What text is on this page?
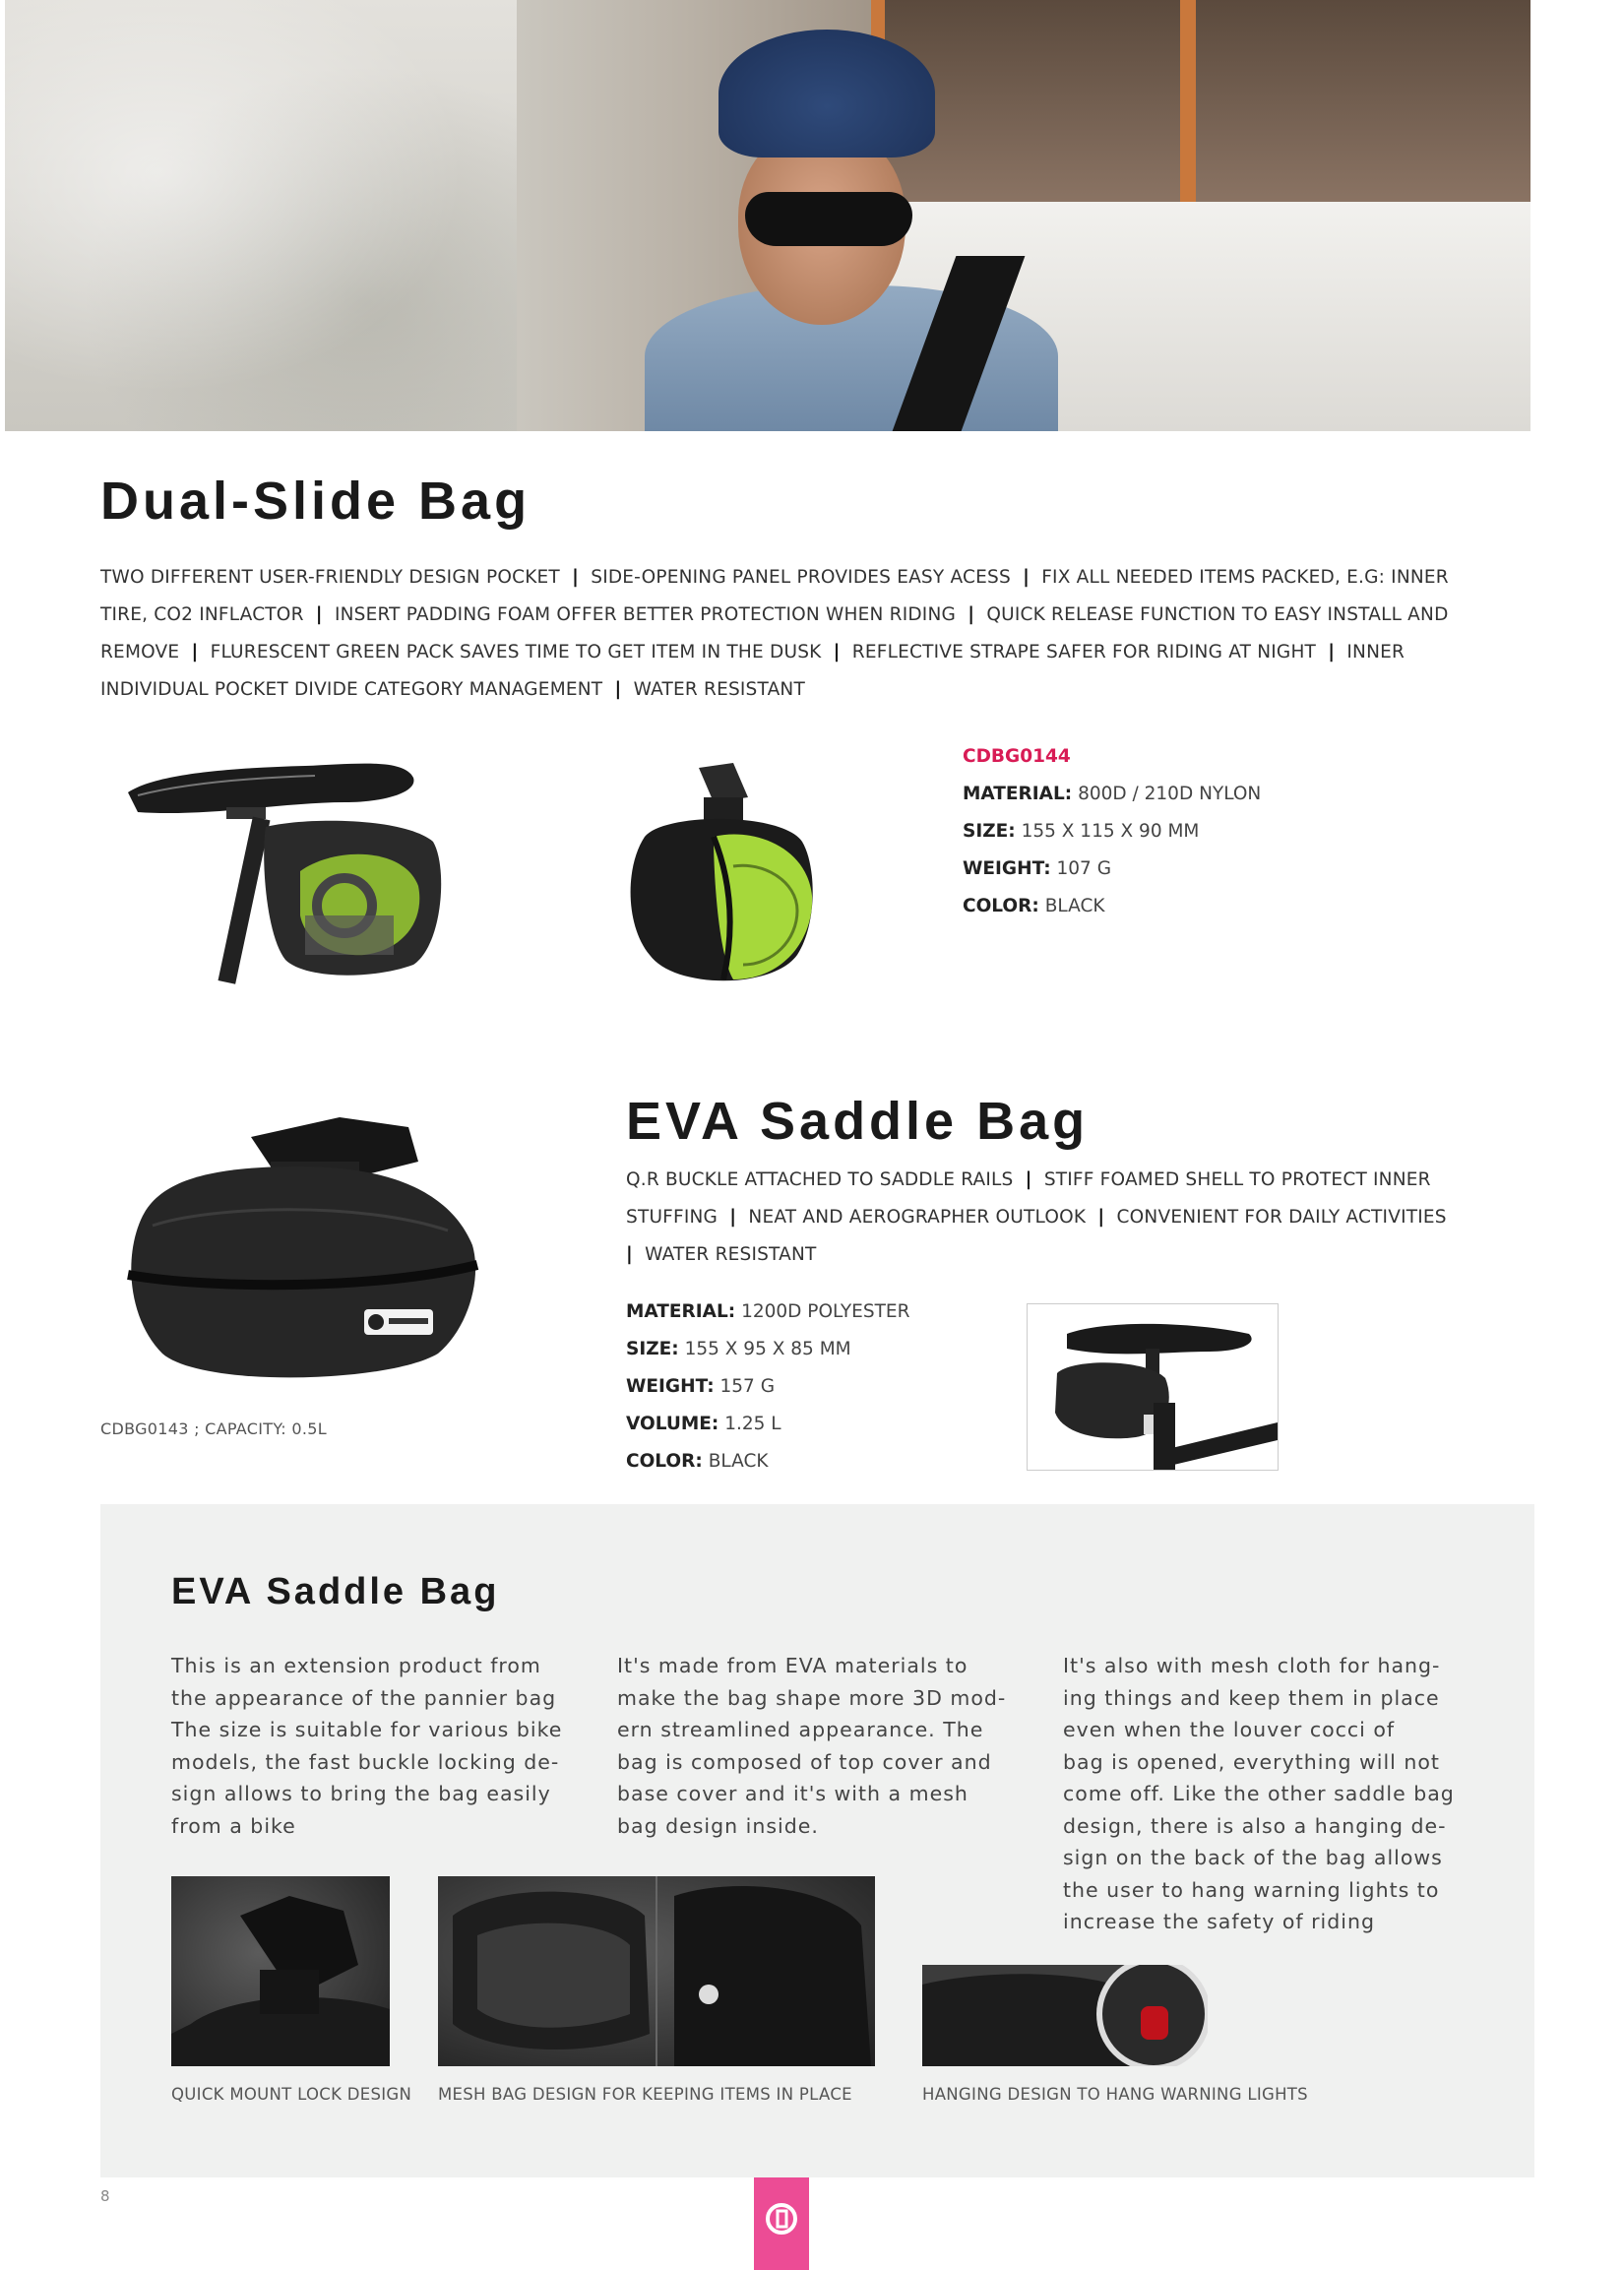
Dual-Slide Bag
TWO DIFFERENT USER-FRIENDLY DESIGN POCKET | SIDE-OPENING PANEL PROVIDES EASY ACESS | FIX ALL NEEDED ITEMS PACKED, E.G: INNER TIRE, CO2 INFLACTOR | INSERT PADDING FOAM OFFER BETTER PROTECTION WHEN RIDING | QUICK RELEASE FUNCTION TO EASY INSTALL AND REMOVE | FLURESCENT GREEN PACK SAVES TIME TO GET ITEM IN THE DUSK | REFLECTIVE STRAPE SAFER FOR RIDING AT NIGHT | INNER INDIVIDUAL POCKET DIVIDE CATEGORY MANAGEMENT | WATER RESISTANT
CDBG0144
MATERIAL: 800D / 210D NYLON
SIZE: 155 X 115 X 90 MM
WEIGHT: 107 G
COLOR: BLACK
CDBG0143 ; CAPACITY: 0.5L
EVA Saddle Bag
Q.R BUCKLE ATTACHED TO SADDLE RAILS | STIFF FOAMED SHELL TO PROTECT INNER STUFFING | NEAT AND AEROGRAPHER OUTLOOK | CONVENIENT FOR DAILY ACTIVITIES
| WATER RESISTANT
MATERIAL: 1200D POLYESTER
SIZE: 155 X 95 X 85 MM
WEIGHT: 157 G
VOLUME: 1.25 L
COLOR: BLACK
EVA Saddle Bag
This is an extension product from
the appearance of the pannier bag
The size is suitable for various bike
models, the fast buckle locking de-
sign allows to bring the bag easily
from a bike
It's made from EVA materials to
make the bag shape more 3D mod-
ern streamlined appearance. The
bag is composed of top cover and
base cover and it's with a mesh
bag design inside.
It's also with mesh cloth for hang-
ing things and keep them in place
even when the louver cocci of
bag is opened, everything will not
come off. Like the other saddle bag
design, there is also a hanging de-
sign on the back of the bag allows
the user to hang warning lights to
increase the safety of riding
QUICK MOUNT LOCK DESIGN MESH BAG DESIGN FOR KEEPING ITEMS IN PLACE	HANGING DESIGN TO HANG WARNING LIGHTS
8
